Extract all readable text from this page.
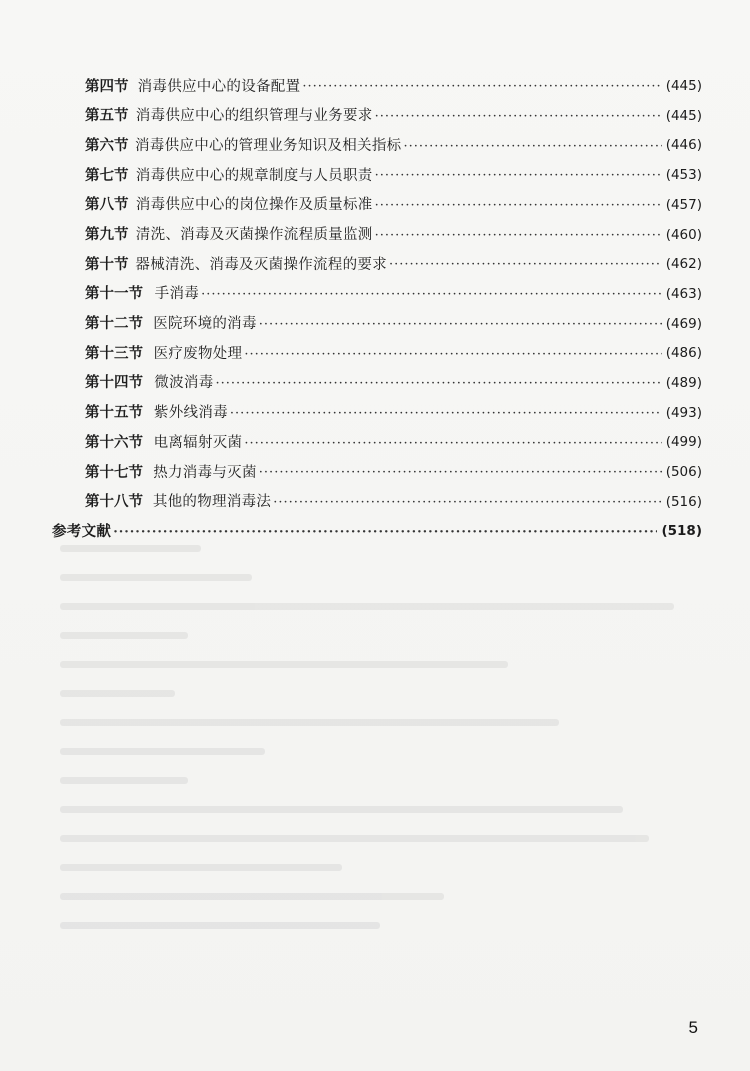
第四节 消毒供应中心的设备配置 ·····	(445)
第五节 消毒供应中心的组织管理与业务要求 ·····	(445)
第六节 消毒供应中心的管理业务知识及相关指标 ·····	(446)
第七节 消毒供应中心的规章制度与人员职责 ·····	(453)
第八节 消毒供应中心的岗位操作及质量标准 ·····	(457)
第九节 清洗、消毒及灭菌操作流程质量监测 ·····	(460)
第十节 器械清洗、消毒及灭菌操作流程的要求 ·····	(462)
第十一节 手消毒 ·····	(463)
第十二节 医院环境的消毒 ·····	(469)
第十三节 医疗废物处理 ·····	(486)
第十四节 微波消毒 ·····	(489)
第十五节 紫外线消毒 ·····	(493)
第十六节 电离辐射灭菌 ·····	(499)
第十七节 热力消毒与灭菌 ·····	(506)
第十八节 其他的物理消毒法 ·····	(516)
参考文献 ·····	(518)
5
